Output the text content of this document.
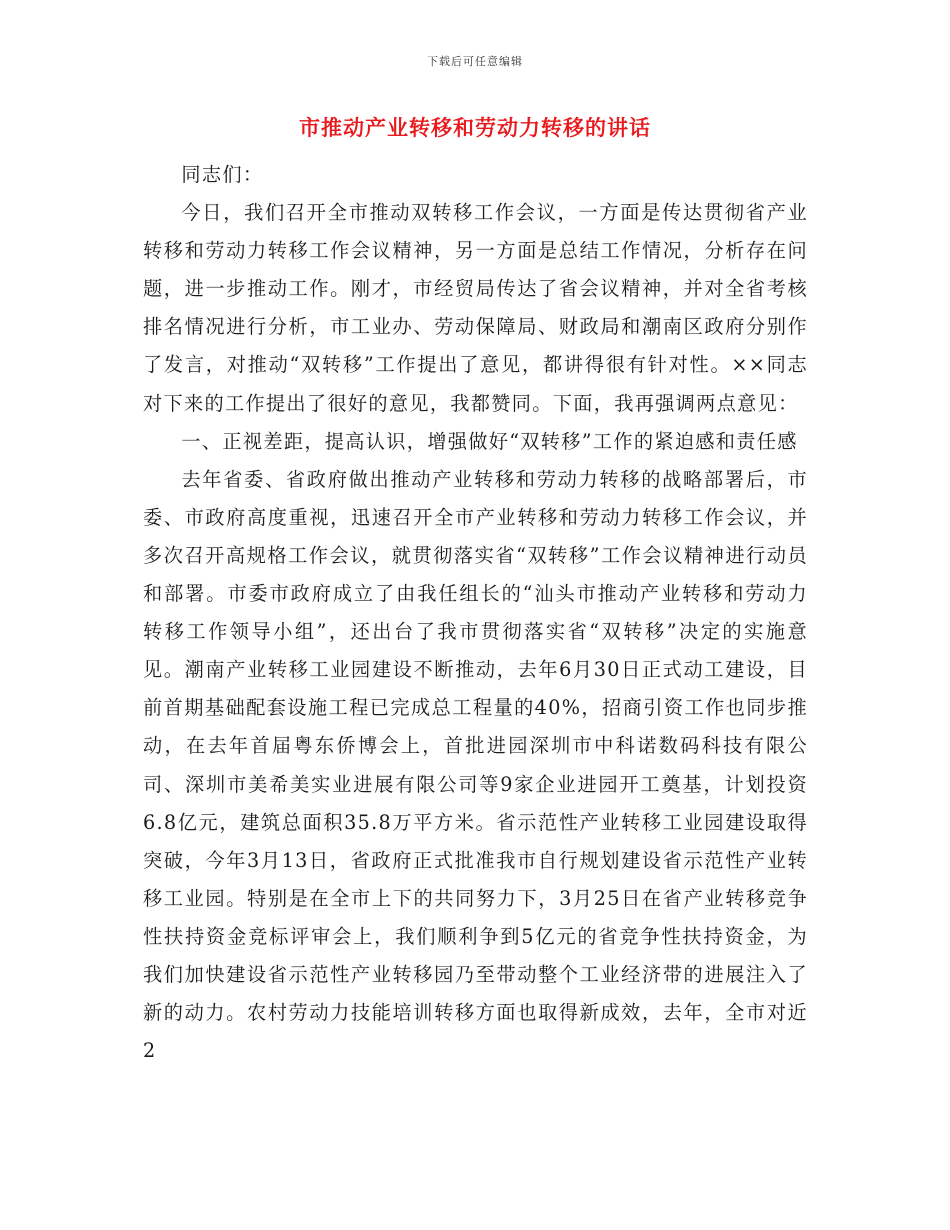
下载后可任意编辑
市推动产业转移和劳动力转移的讲话

同志们：

今日，我们召开全市推动双转移工作会议，一方面是传达贯彻省产业转移和劳动力转移工作会议精神，另一方面是总结工作情况，分析存在问题，进一步推动工作。刚才，市经贸局传达了省会议精神，并对全省考核排名情况进行分析，市工业办、劳动保障局、财政局和潮南区政府分别作了发言，对推动“双转移”工作提出了意见，都讲得很有针对性。××同志对下来的工作提出了很好的意见，我都赞同。下面，我再强调两点意见：

一、正视差距，提高认识，增强做好“双转移”工作的紧迫感和责任感

去年省委、省政府做出推动产业转移和劳动力转移的战略部署后，市委、市政府高度重视，迅速召开全市产业转移和劳动力转移工作会议，并多次召开高规格工作会议，就贯彻落实省“双转移”工作会议精神进行动员和部署。市委市政府成立了由我任组长的“汕头市推动产业转移和劳动力转移工作领导小组”，还出台了我市贯彻落实省“双转移”决定的实施意见。潮南产业转移工业园建设不断推动，去年6月30日正式动工建设，目前首期基础配套设施工程已完成总工程量的40%，招商引资工作也同步推动，在去年首届粤东侨博会上，首批进园深圳市中科诺数码科技有限公司、深圳市美希美实业进展有限公司等9家企业进园开工奠基，计划投资6.8亿元，建筑总面积35.8万平方米。省示范性产业转移工业园建设取得突破，今年3月13日，省政府正式批准我市自行规划建设省示范性产业转移工业园。特别是在全市上下的共同努力下，3月25日在省产业转移竞争性扶持资金竞标评审会上，我们顺利争到5亿元的省竞争性扶持资金，为我们加快建设省示范性产业转移园乃至带动整个工业经济带的进展注入了新的动力。农村劳动力技能培训转移方面也取得新成效，去年，全市对近2
